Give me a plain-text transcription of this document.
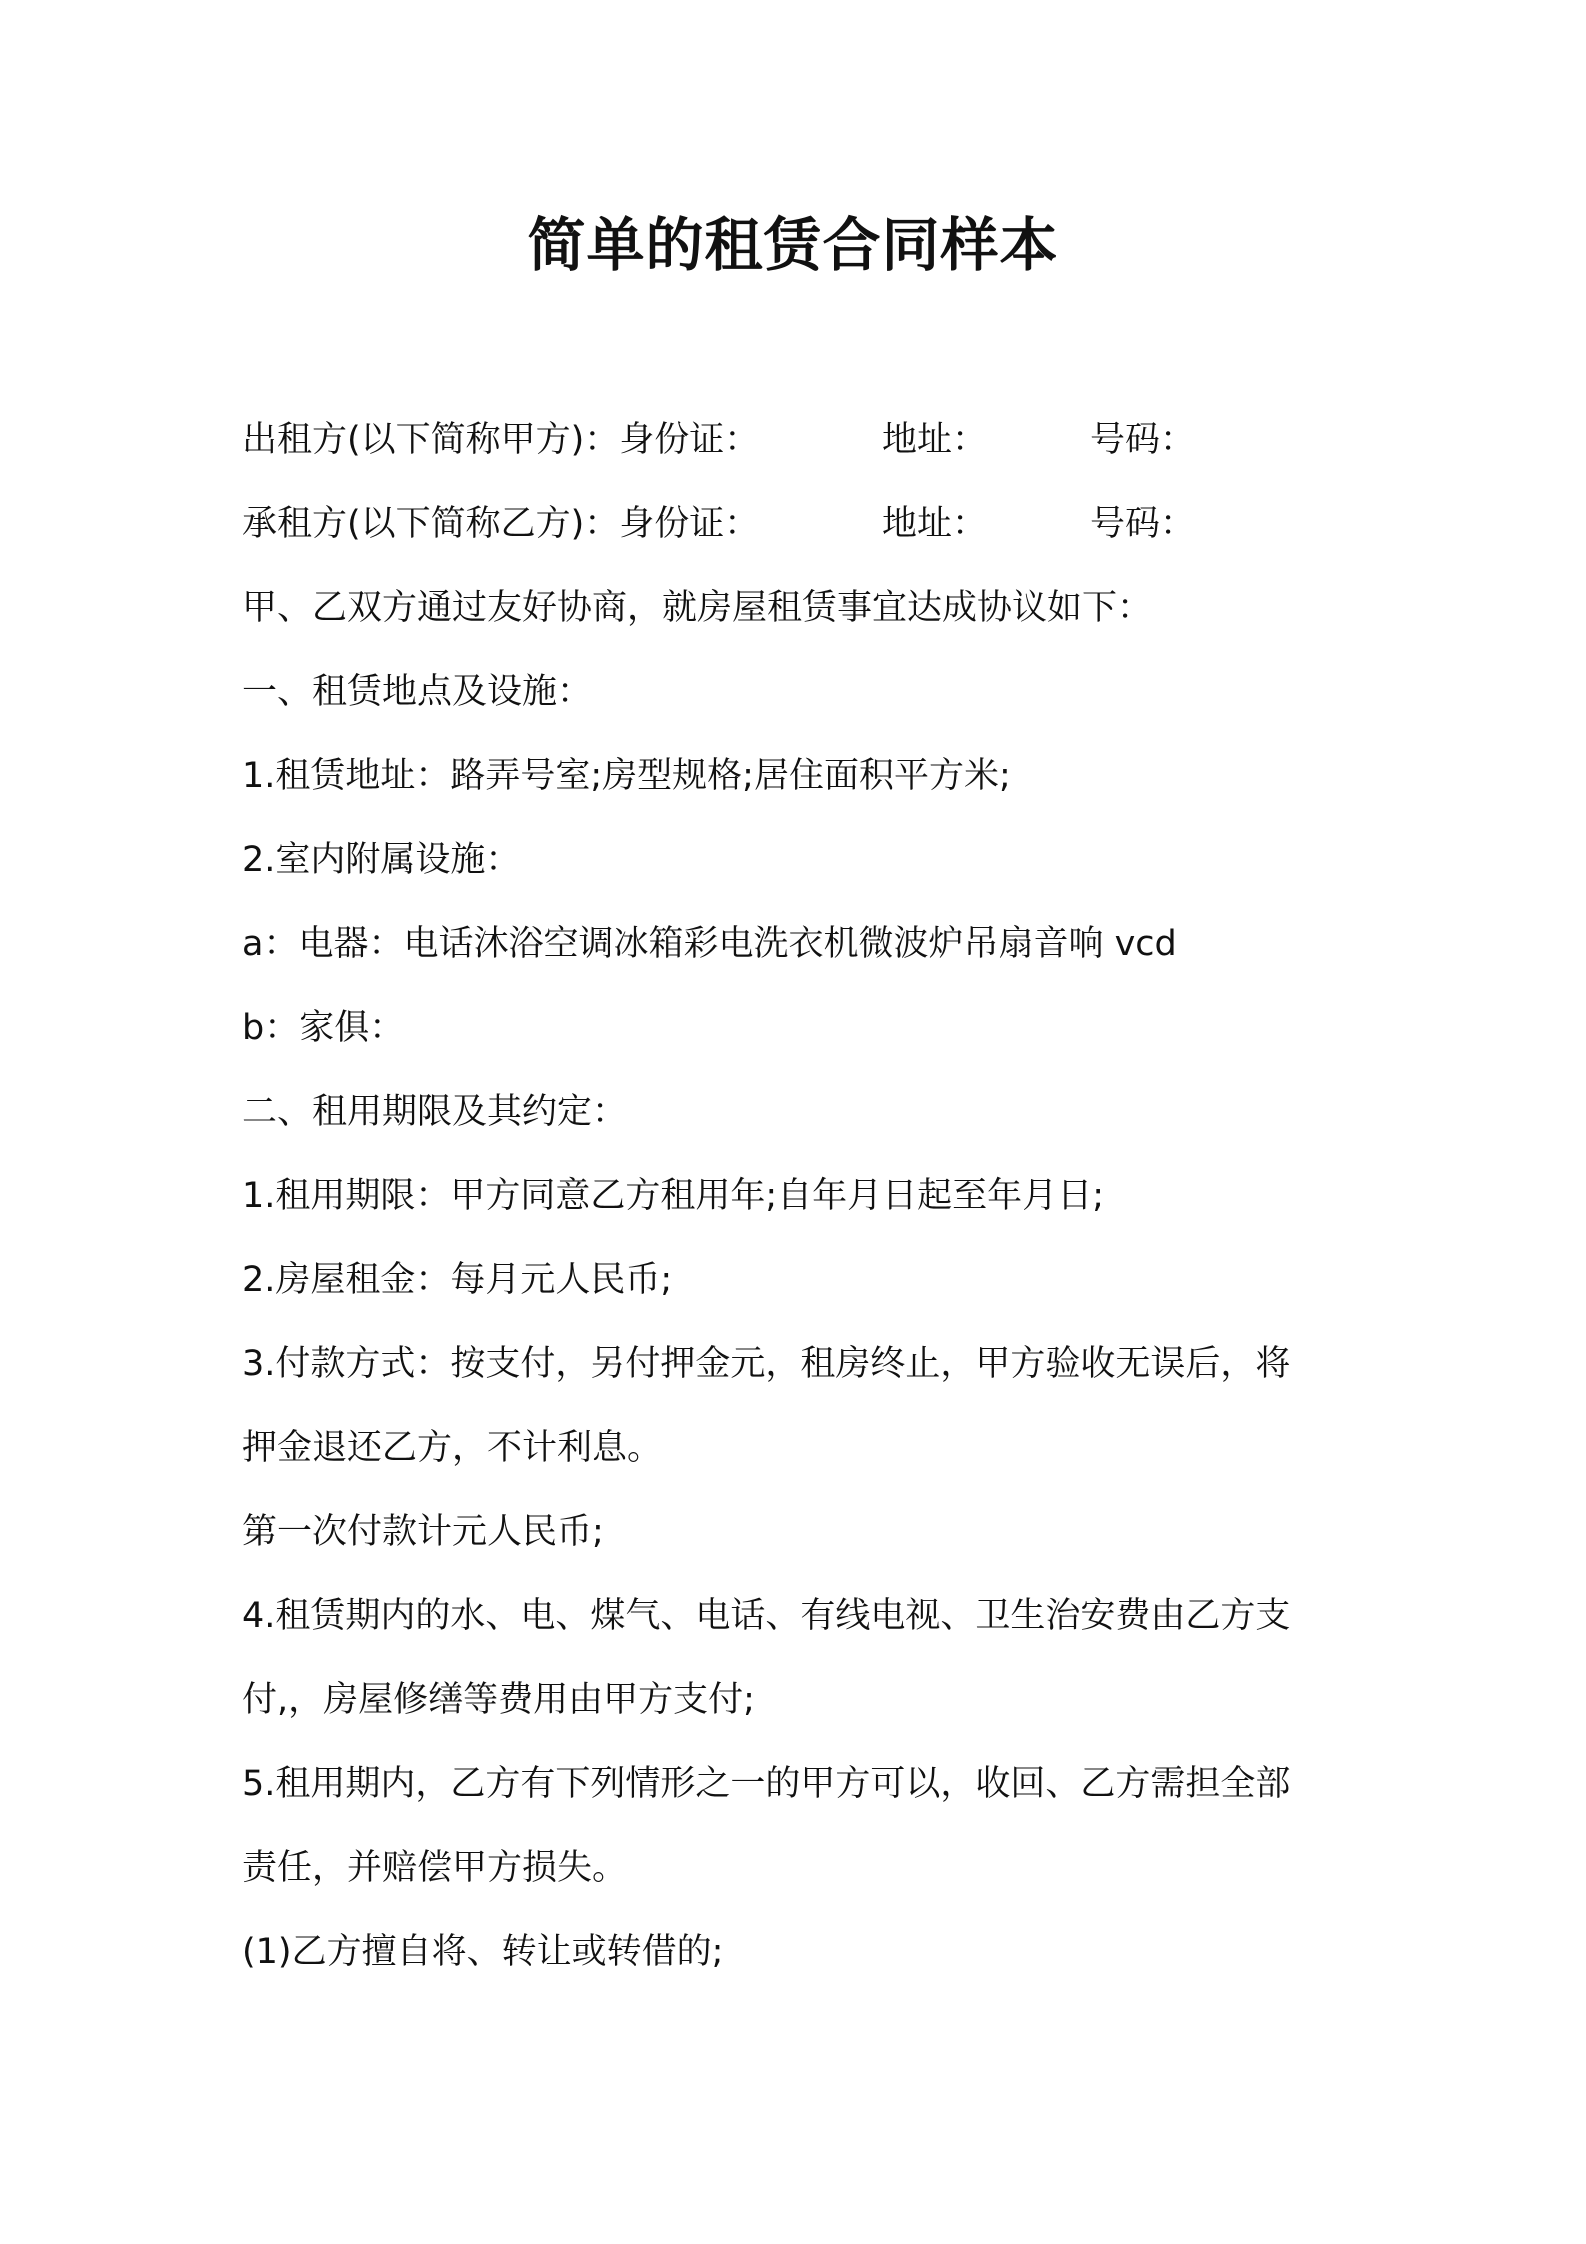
简单的租赁合同样本
出租方(以下简称甲方)：身份证：	地址：	号码：
承租方(以下简称乙方)：身份证：	地址：	号码：
甲、乙双方通过友好协商，就房屋租赁事宜达成协议如下：
一、租赁地点及设施：
1.租赁地址：路弄号室;房型规格;居住面积平方米;
2.室内附属设施：
a：电器：电话沐浴空调冰箱彩电洗衣机微波炉吊扇音响 vcd
b：家俱：
二、租用期限及其约定：
1.租用期限：甲方同意乙方租用年;自年月日起至年月日;
2.房屋租金：每月元人民币;
3.付款方式：按支付，另付押金元，租房终止，甲方验收无误后，将
押金退还乙方，不计利息。
第一次付款计元人民币;
4.租赁期内的水、电、煤气、电话、有线电视、卫生治安费由乙方支
付,，房屋修缮等费用由甲方支付;
5.租用期内，乙方有下列情形之一的甲方可以，收回、乙方需担全部
责任，并赔偿甲方损失。
(1)乙方擅自将、转让或转借的;
